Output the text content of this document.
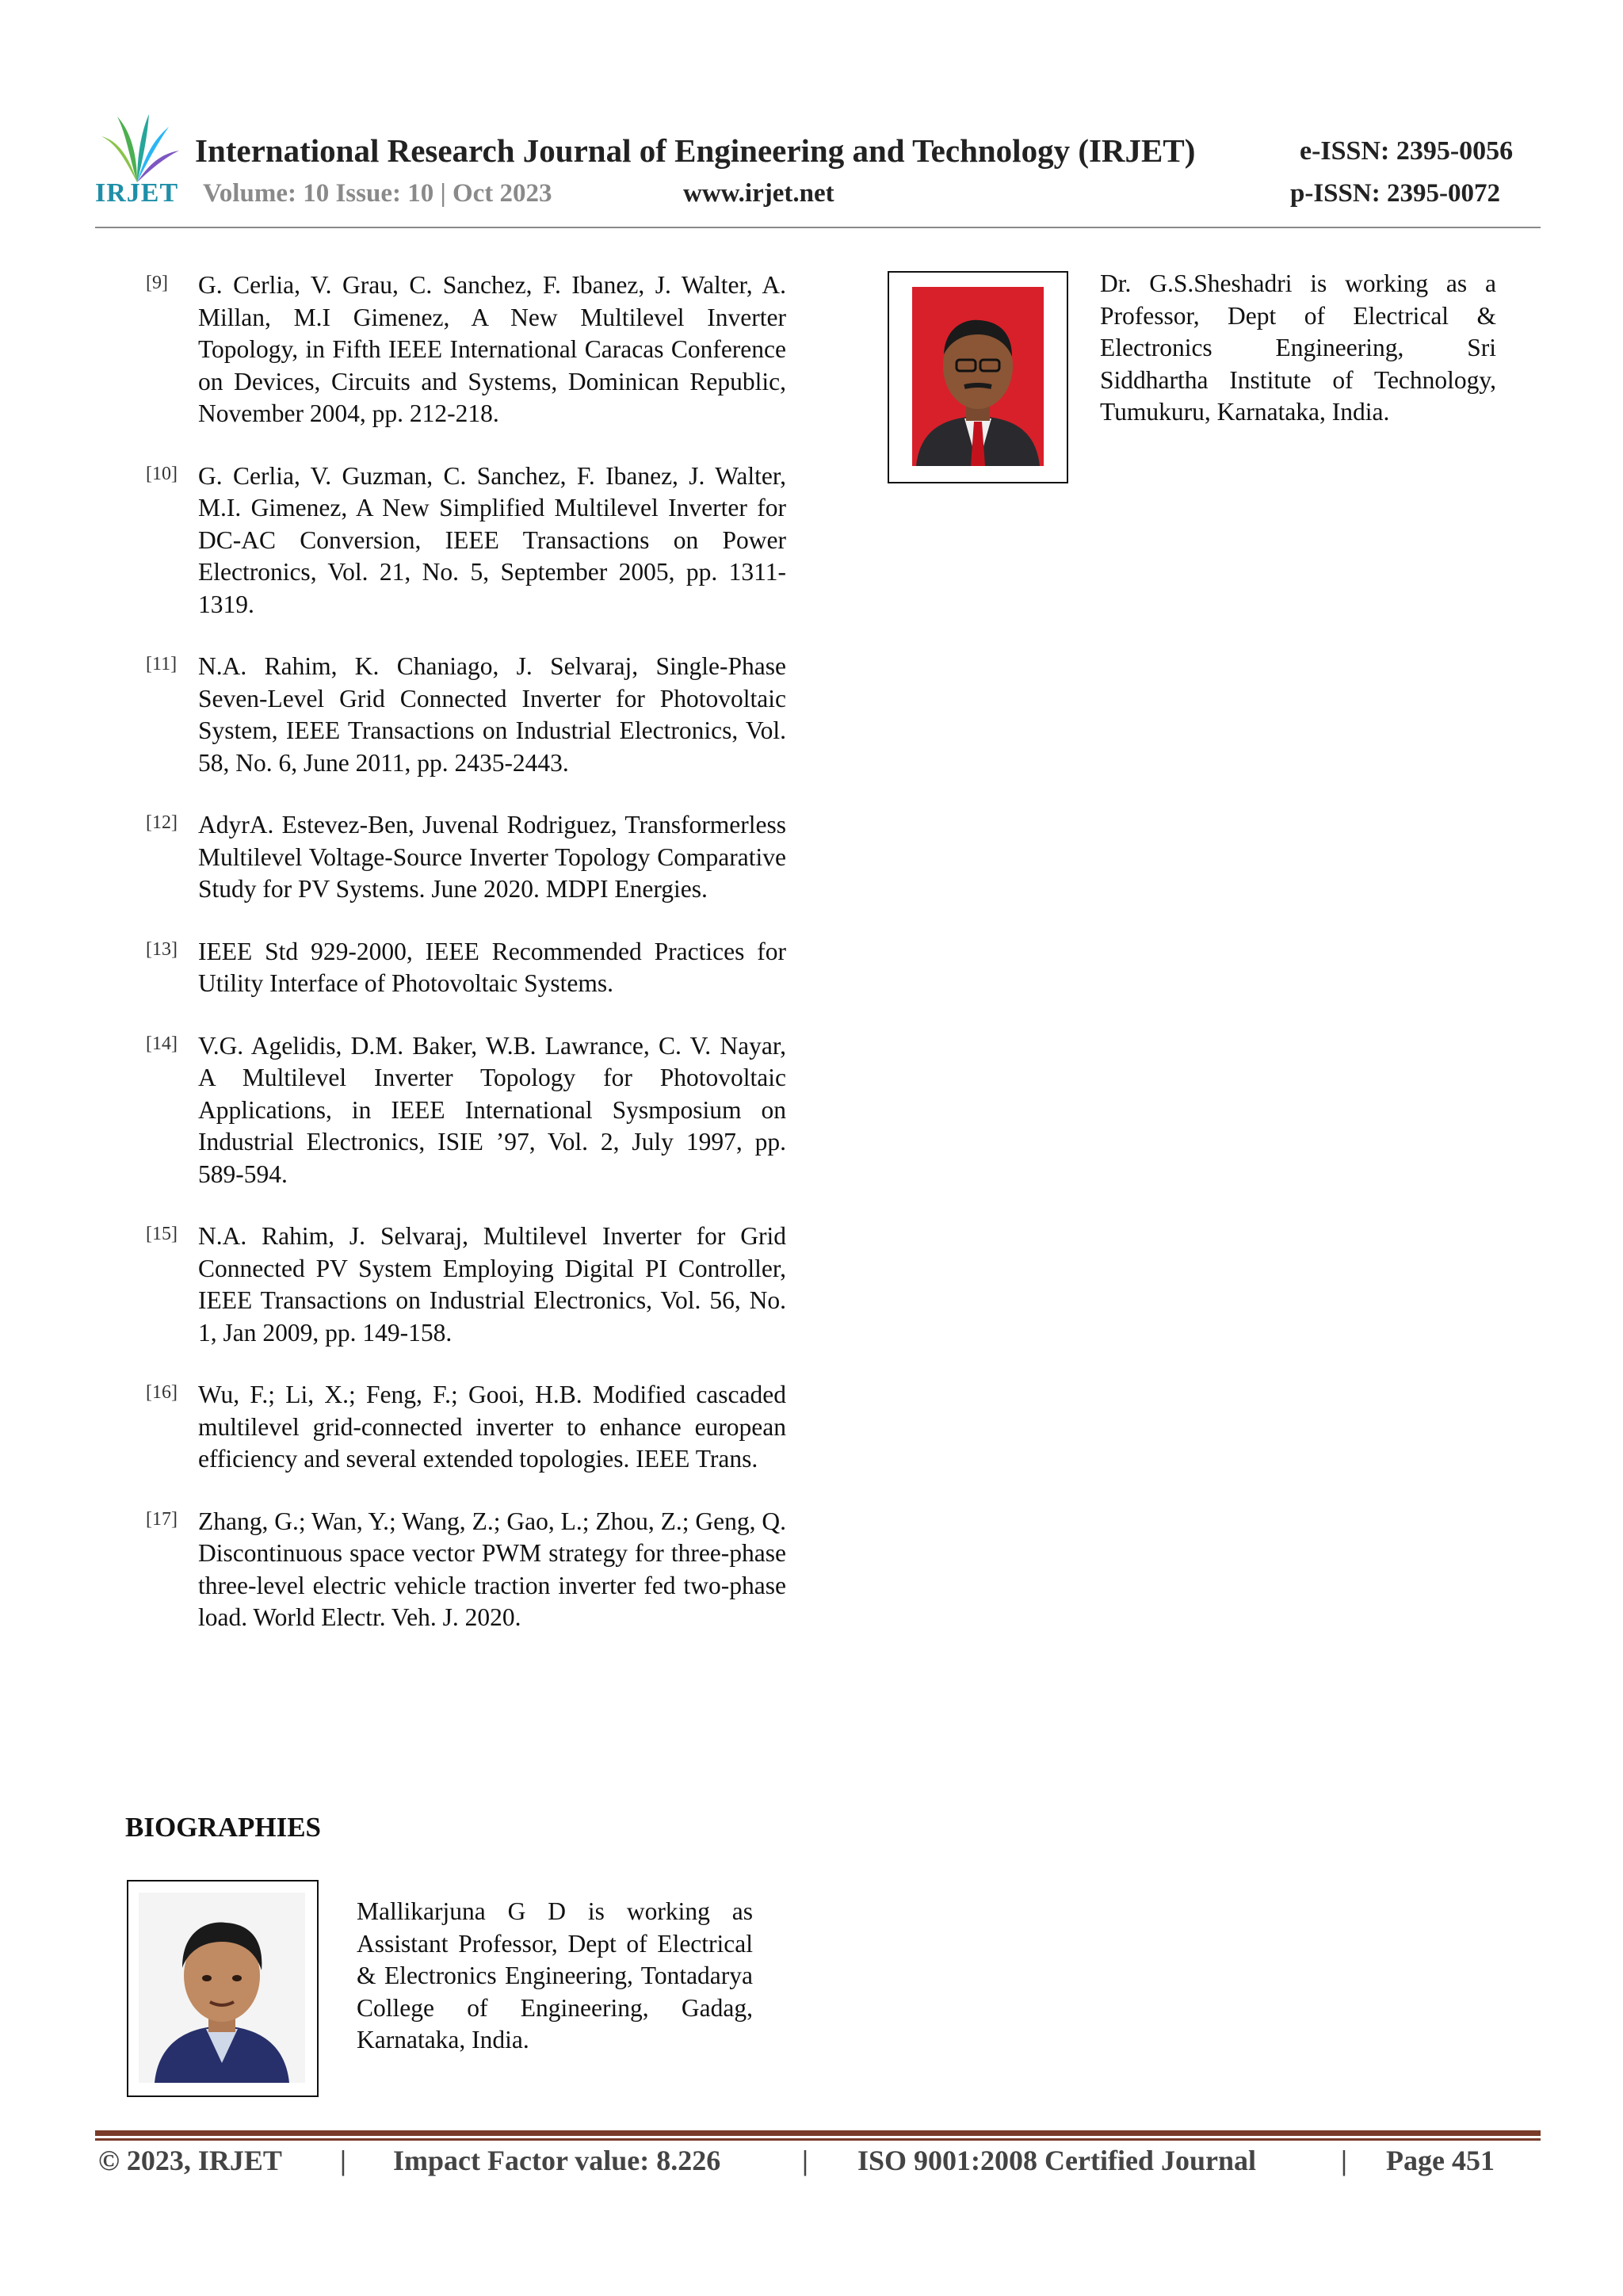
IRJET
International Research Journal of Engineering and Technology (IRJET)	e-ISSN: 2395-0056
Volume: 10 Issue: 10 | Oct 2023	www.irjet.net	p-ISSN: 2395-0072
[9] G. Cerlia, V. Grau, C. Sanchez, F. Ibanez, J. Walter, A. Millan, M.I Gimenez, A New Multilevel Inverter Topology, in Fifth IEEE International Caracas Conference on Devices, Circuits and Systems, Dominican Republic, November 2004, pp. 212-218.
[10] G. Cerlia, V. Guzman, C. Sanchez, F. Ibanez, J. Walter, M.I. Gimenez, A New Simplified Multilevel Inverter for DC-AC Conversion, IEEE Transactions on Power Electronics, Vol. 21, No. 5, September 2005, pp. 1311-1319.
[11] N.A. Rahim, K. Chaniago, J. Selvaraj, Single-Phase Seven-Level Grid Connected Inverter for Photovoltaic System, IEEE Transactions on Industrial Electronics, Vol. 58, No. 6, June 2011, pp. 2435-2443.
[12] AdyrA. Estevez-Ben, Juvenal Rodriguez, Transformerless Multilevel Voltage-Source Inverter Topology Comparative Study for PV Systems. June 2020. MDPI Energies.
[13] IEEE Std 929-2000, IEEE Recommended Practices for Utility Interface of Photovoltaic Systems.
[14] V.G. Agelidis, D.M. Baker, W.B. Lawrance, C. V. Nayar, A Multilevel Inverter Topology for Photovoltaic Applications, in IEEE International Sysmposium on Industrial Electronics, ISIE ’97, Vol. 2, July 1997, pp. 589-594.
[15] N.A. Rahim, J. Selvaraj, Multilevel Inverter for Grid Connected PV System Employing Digital PI Controller, IEEE Transactions on Industrial Electronics, Vol. 56, No. 1, Jan 2009, pp. 149-158.
[16] Wu, F.; Li, X.; Feng, F.; Gooi, H.B. Modified cascaded multilevel grid-connected inverter to enhance european efficiency and several extended topologies. IEEE Trans.
[17] Zhang, G.; Wan, Y.; Wang, Z.; Gao, L.; Zhou, Z.; Geng, Q. Discontinuous space vector PWM strategy for three-phase three-level electric vehicle traction inverter fed two-phase load. World Electr. Veh. J. 2020.
BIOGRAPHIES
Mallikarjuna G D is working as Assistant Professor, Dept of Electrical & Electronics Engineering, Tontadarya College of Engineering, Gadag, Karnataka, India.
Dr. G.S.Sheshadri is working as a Professor, Dept of Electrical & Electronics Engineering, Sri Siddhartha Institute of Technology, Tumukuru, Karnataka, India.
© 2023, IRJET | Impact Factor value: 8.226	| ISO 9001:2008 Certified Journal	| Page 451
